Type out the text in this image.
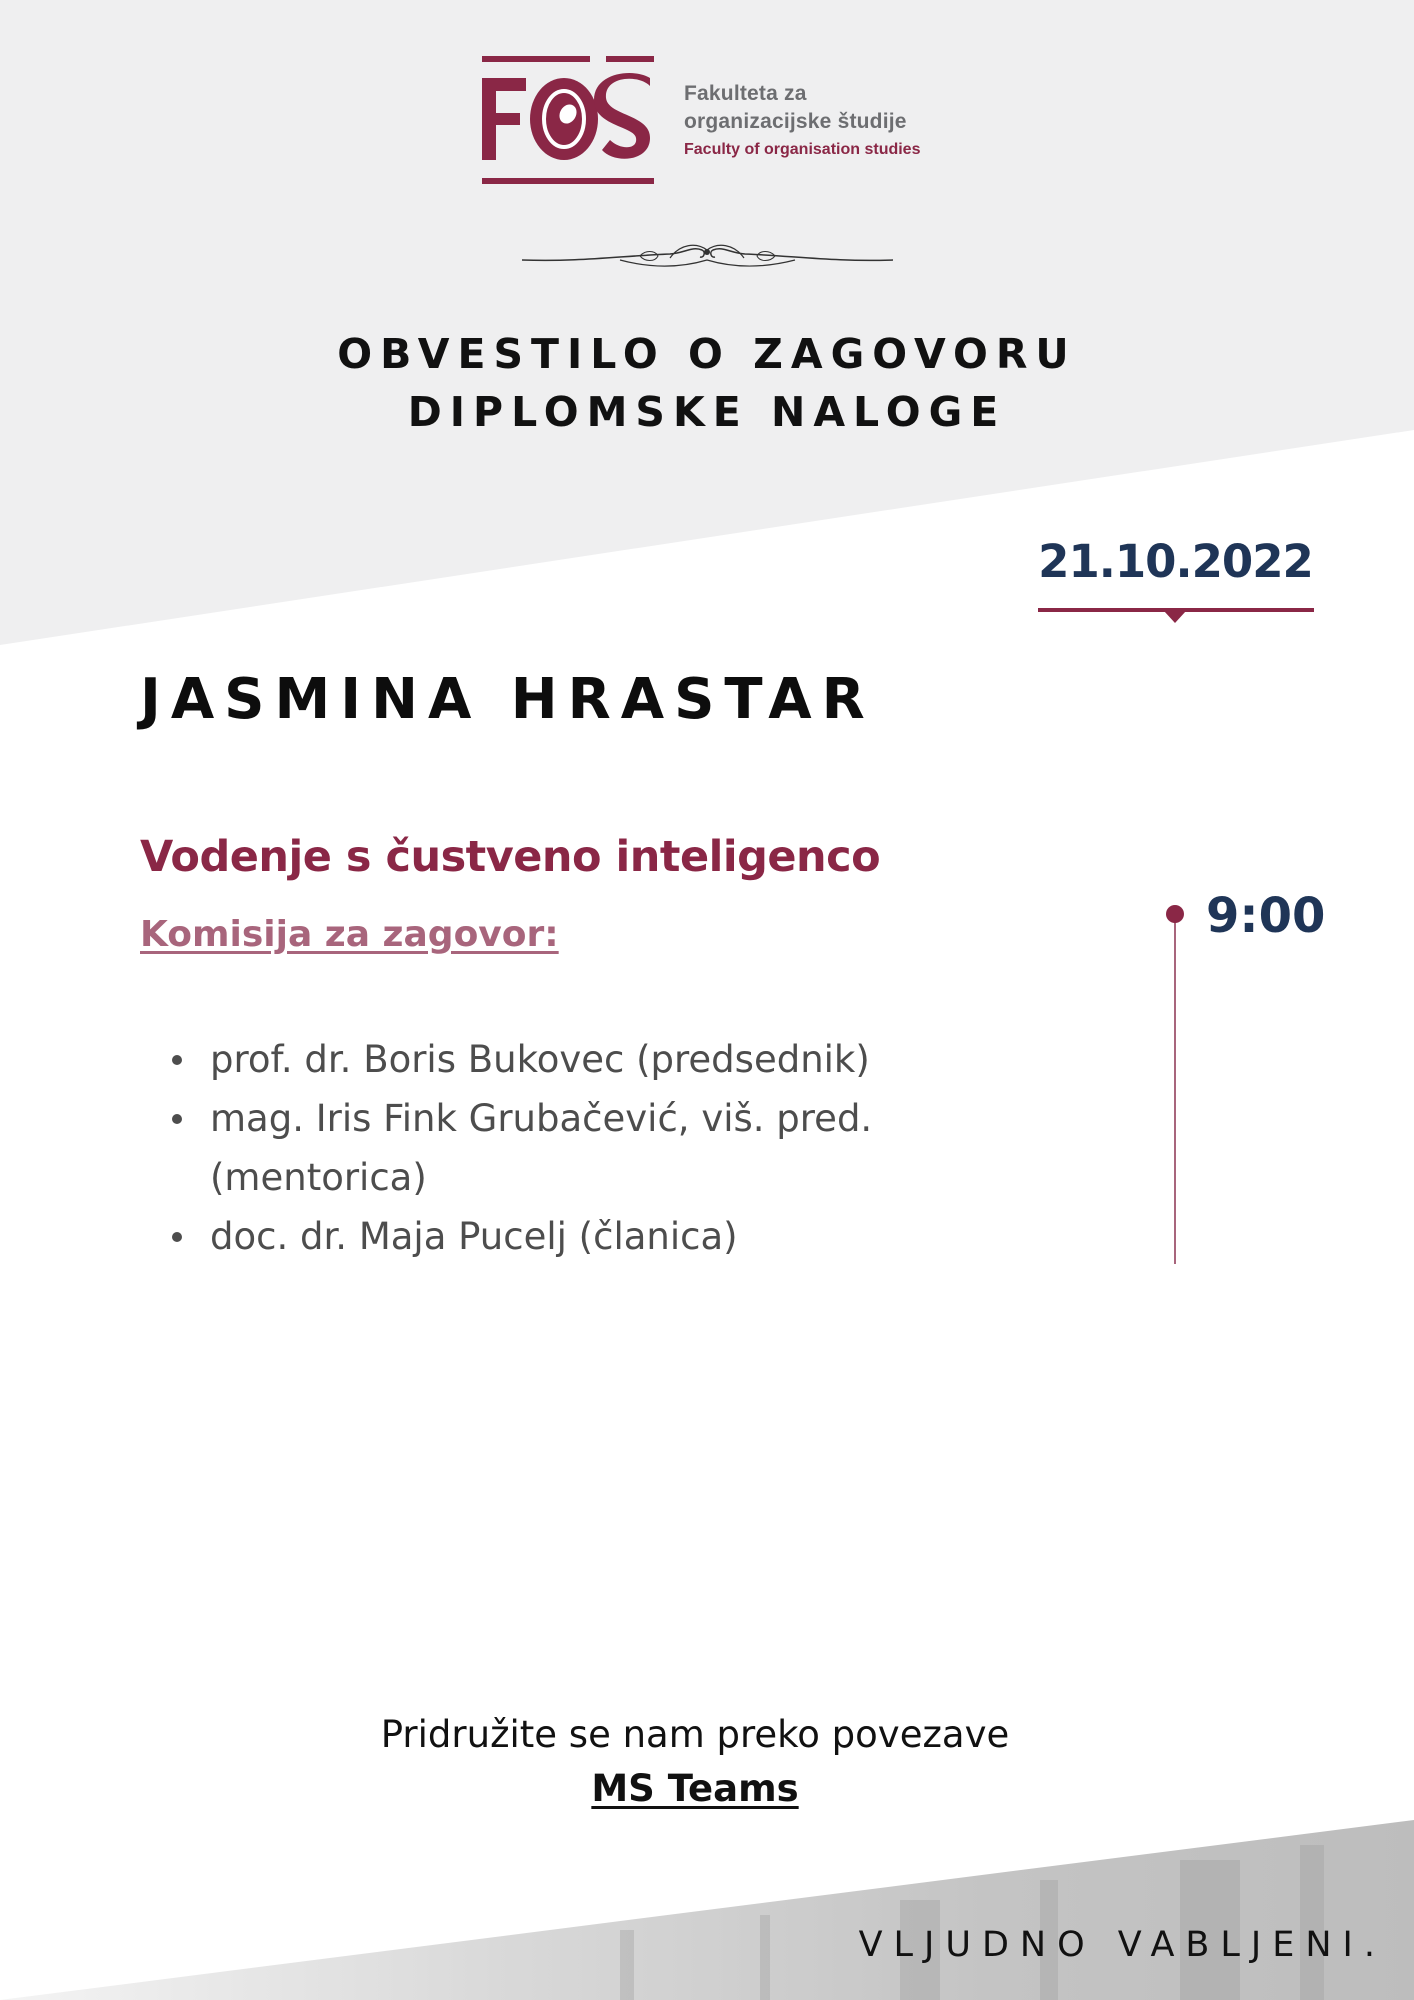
Fakulteta za
organizacijske študije
Faculty of organisation studies
OBVESTILO O ZAGOVORU
DIPLOMSKE NALOGE
21.10.2022
JASMINA HRASTAR
Vodenje s čustveno inteligenco
Komisija za zagovor:
prof. dr. Boris Bukovec (predsednik)
mag. Iris Fink Grubačević, viš. pred. (mentorica)
doc. dr. Maja Pucelj (članica)
9:00
Pridružite se nam preko povezave
MS Teams
VLJUDNO VABLJENI.
